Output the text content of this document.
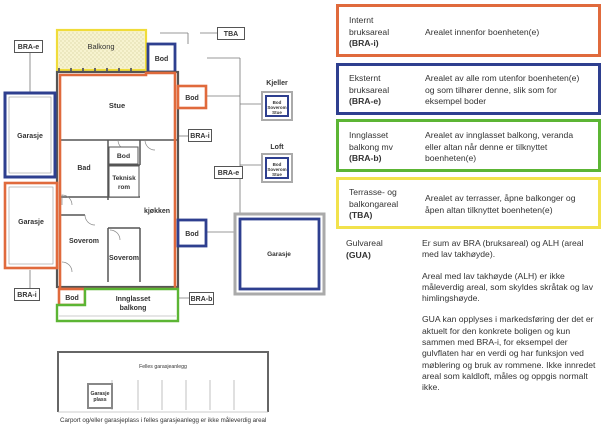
Balkong
Bod
Stue
Bad
Bod
Teknisk
rom
kjøkken
Soverom
Soverom
Bod
Bod
Garasje
Garasje
Bod	Innglasset
balkong
Kjeller
Bod
Soverom
Stue
Loft
Bod
Soverom
Stue
Garasje
Felles garasjeanlegg
Garasje
plass
TBA
BRA-e
BRA-i
BRA-e
BRA-i
BRA-b
Carport og/eller garasjeplass i felles garasjeanlegg er ikke måleverdig areal
Internt
bruksareal
(BRA-i)
Arealet innenfor boenheten(e)
Eksternt
bruksareal
(BRA-e)
Arealet av alle rom utenfor boenheten(e) og som tilhører denne, slik som for eksempel boder
Innglasset
balkong mv
(BRA-b)
Arealet av innglasset balkong, veranda eller altan når denne er tilknyttet boenheten(e)
Terrasse- og
balkongareal
(TBA)
Arealet av terrasser, åpne balkonger og åpen altan tilknyttet boenheten(e)
Gulvareal
(GUA)

Er sum av BRA (bruksareal) og ALH (areal med lav takhøyde).

Areal med lav takhøyde (ALH) er ikke måleverdig areal, som skyldes skråtak og lav himlingshøyde.

GUA kan opplyses i markedsføring der det er aktuelt for den konkrete boligen og kun sammen med BRA-i, for eksempel der gulvflaten har en verdi og har funksjon ved møblering og bruk av rommene. Ikke innredet areal som kaldloft, måles og oppgis normalt ikke.
